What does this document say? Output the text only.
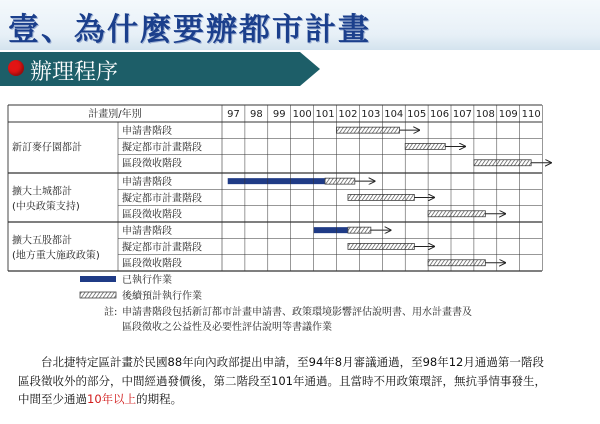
壹、為什麼要辦都市計畫
辦理程序
計畫別/年別	97 98 99 100 101 102 103 104 105 106 107 108 109 110
新訂麥仔園都計
申請書階段
擬定都市計畫階段
區段徵收階段
擴大土城都計
(中央政策支持)
申請書階段
擬定都市計畫階段
區段徵收階段
擴大五股都計
(地方重大施政政策)
申請書階段
擬定都市計畫階段
區段徵收階段
已執行作業
後續預計執行作業
註: 申請書階段包括新訂都市計畫申請書、政策環境影響評估說明書、用水計畫書及
區段徵收之公益性及必要性評估說明等書議作業
台北捷特定區計畫於民國88年向內政部提出申請，至94年8月審議通過，至98年12月通過第一階段區段徵收外的部分，中間經過發價後，第二階段至101年通過。且當時不用政策環評，無抗爭情事發生，中間至少通過10年以上的期程。
